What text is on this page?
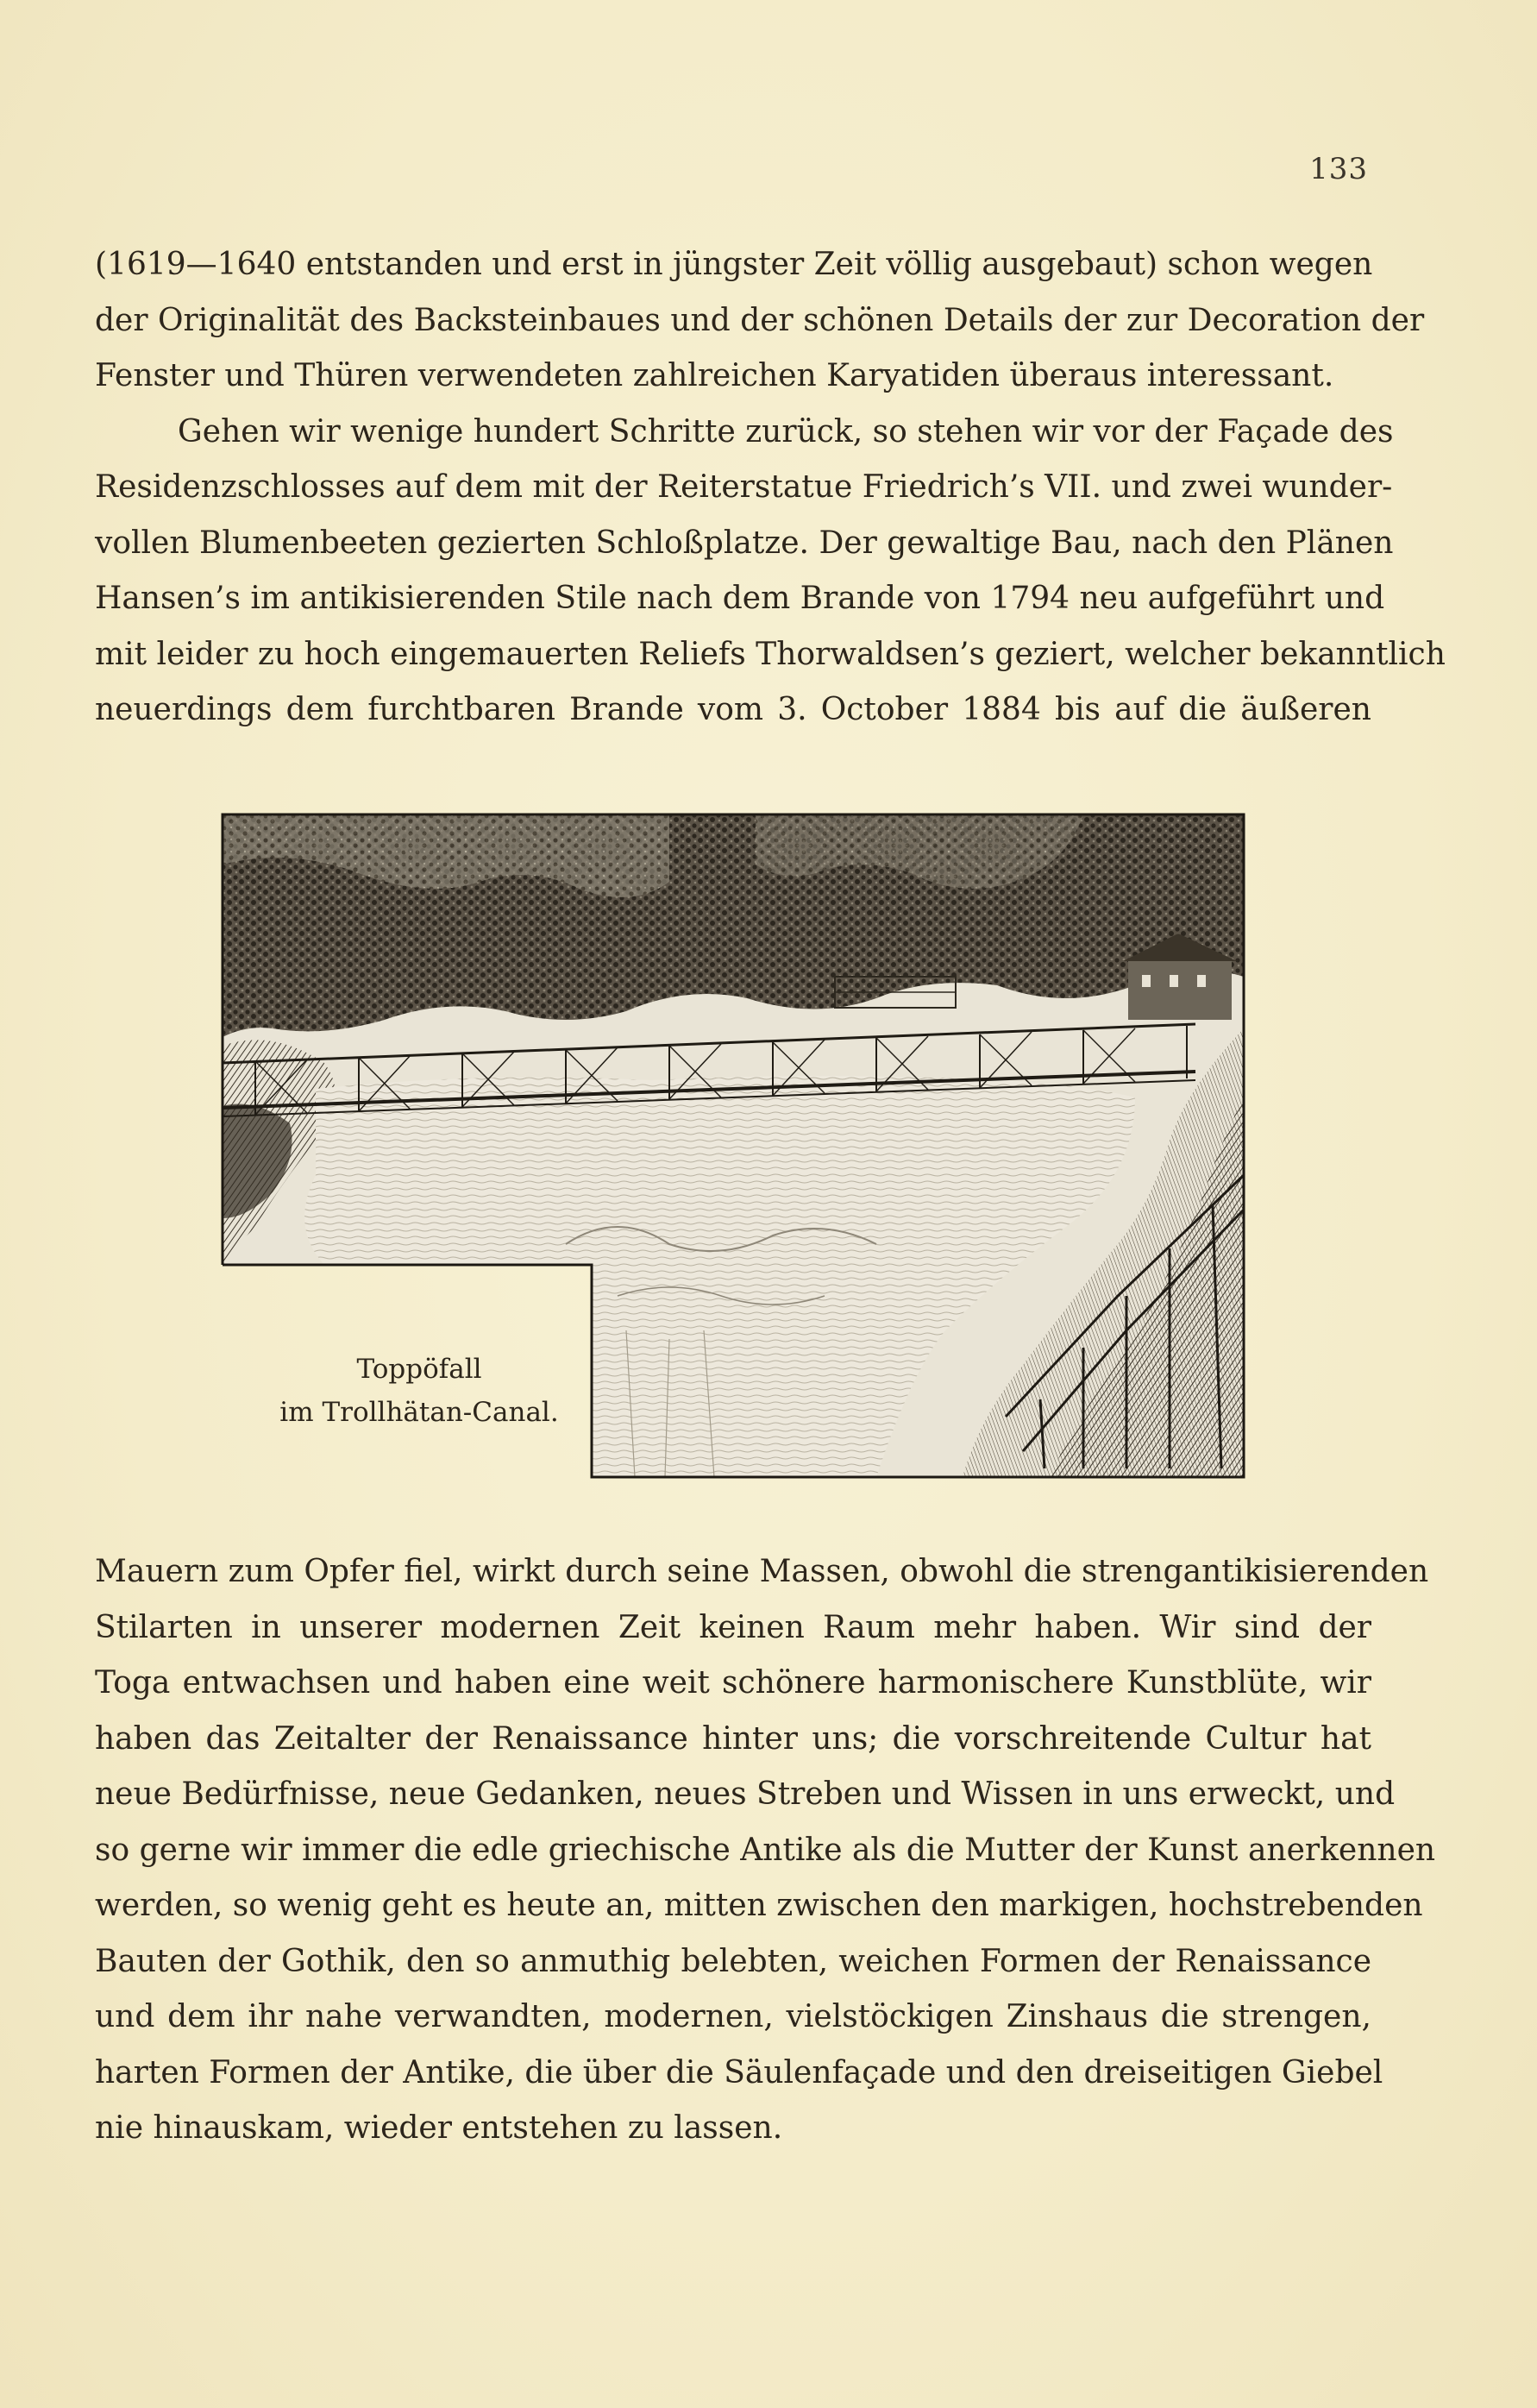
133

(1619—1640 entstanden und erst in jüngster Zeit völlig ausgebaut) schon wegen
der Originalität des Backsteinbaues und der schönen Details der zur Decoration der
Fenster und Thüren verwendeten zahlreichen Karyatiden überaus interessant.
Gehen wir wenige hundert Schritte zurück, so stehen wir vor der Façade des
Residenzschlosses auf dem mit der Reiterstatue Friedrich’s VII. und zwei wunder-
vollen Blumenbeeten gezierten Schloßplatze. Der gewaltige Bau, nach den Plänen
Hansen’s im antikisierenden Stile nach dem Brande von 1794 neu aufgeführt und
mit leider zu hoch eingemauerten Reliefs Thorwaldsen’s geziert, welcher bekanntlich
neuerdings dem furchtbaren Brande vom 3. October 1884 bis auf die äußeren

Toppöfall
im Trollhätan-Canal.

Mauern zum Opfer fiel, wirkt durch seine Massen, obwohl die strengantikisierenden
Stilarten in unserer modernen Zeit keinen Raum mehr haben. Wir sind der
Toga entwachsen und haben eine weit schönere harmonischere Kunstblüte, wir
haben das Zeitalter der Renaissance hinter uns; die vorschreitende Cultur hat
neue Bedürfnisse, neue Gedanken, neues Streben und Wissen in uns erweckt, und
so gerne wir immer die edle griechische Antike als die Mutter der Kunst anerkennen
werden, so wenig geht es heute an, mitten zwischen den markigen, hochstrebenden
Bauten der Gothik, den so anmuthig belebten, weichen Formen der Renaissance
und dem ihr nahe verwandten, modernen, vielstöckigen Zinshaus die strengen,
harten Formen der Antike, die über die Säulenfaçade und den dreiseitigen Giebel
nie hinauskam, wieder entstehen zu lassen.
